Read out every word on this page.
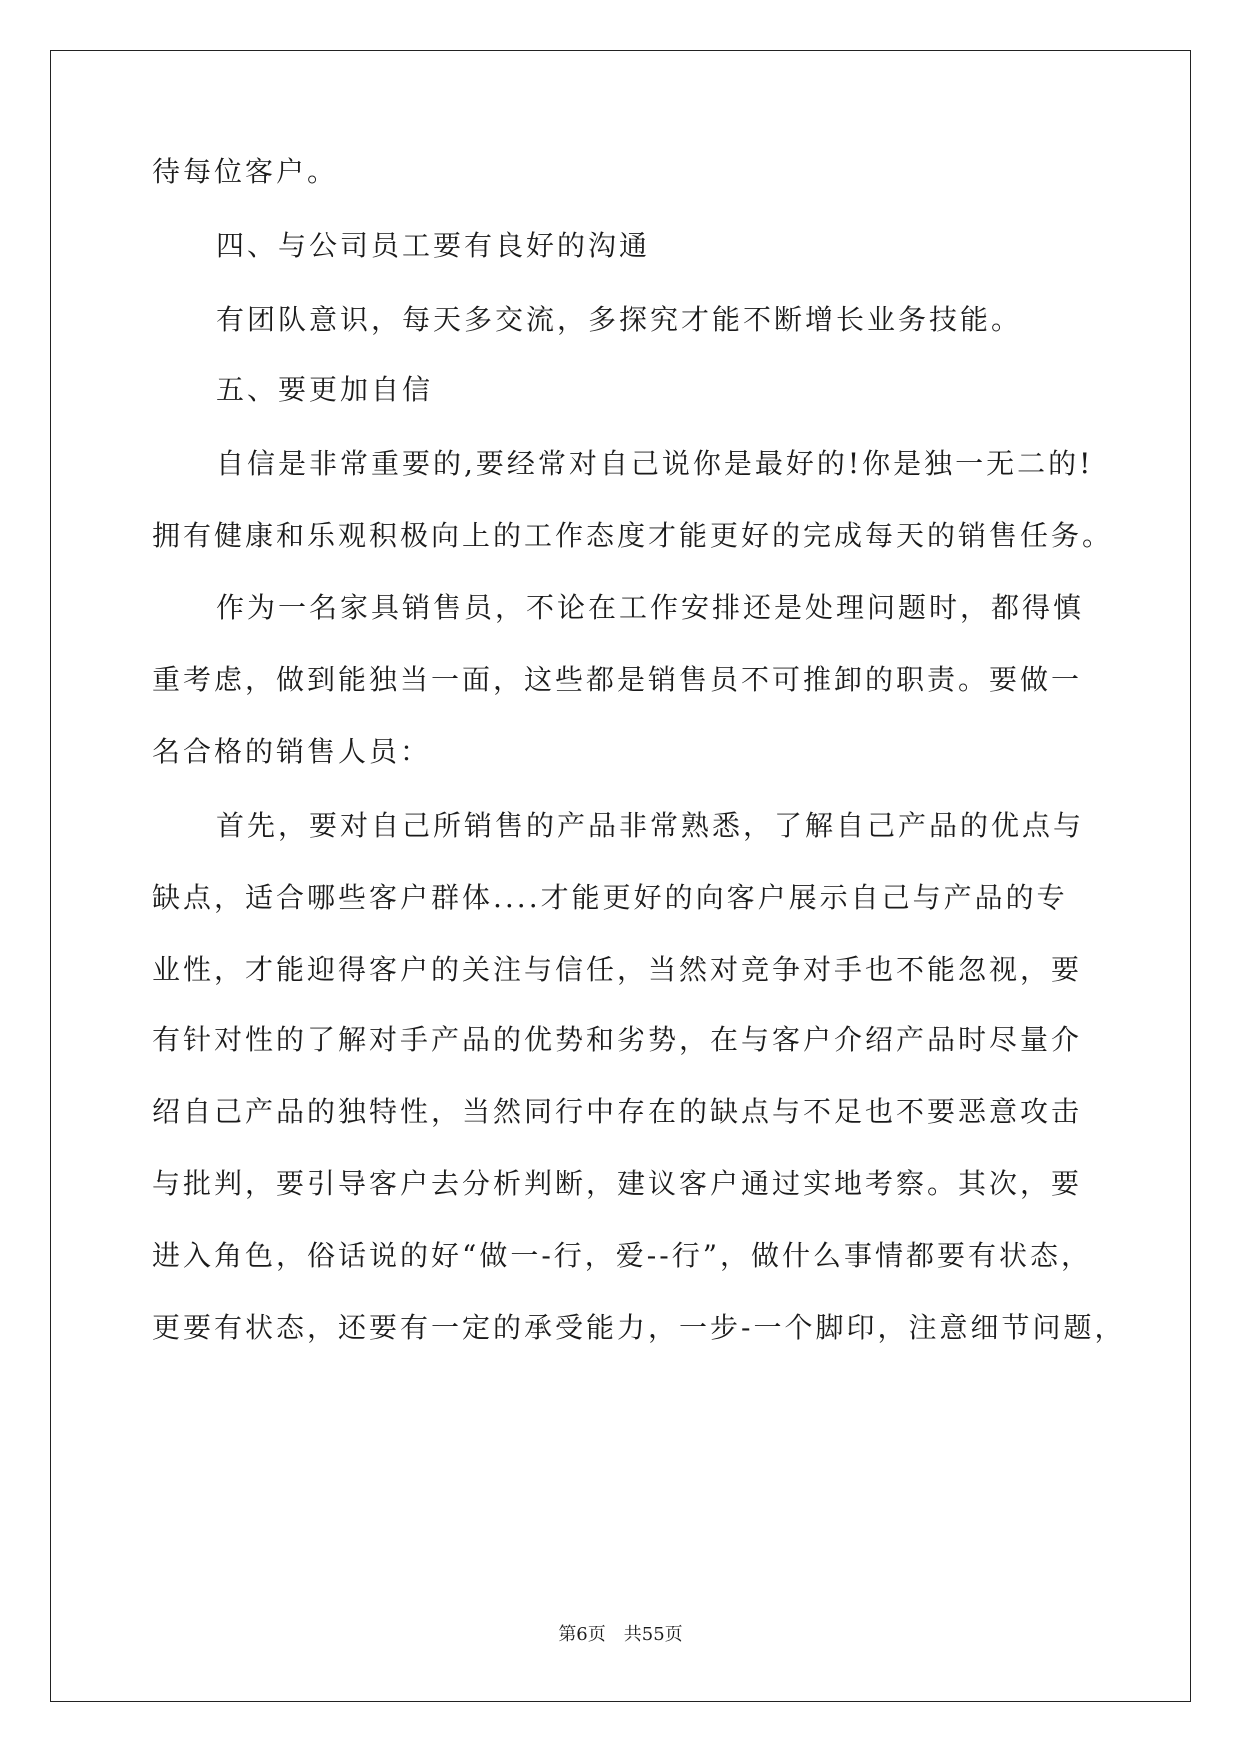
待每位客户。
四、与公司员工要有良好的沟通
有团队意识，每天多交流，多探究才能不断增长业务技能。
五、要更加自信
自信是非常重要的,要经常对自己说你是最好的!你是独一无二的!
拥有健康和乐观积极向上的工作态度才能更好的完成每天的销售任务。
作为一名家具销售员，不论在工作安排还是处理问题时，都得慎
重考虑，做到能独当一面，这些都是销售员不可推卸的职责。要做一
名合格的销售人员：
首先，要对自己所销售的产品非常熟悉，了解自己产品的优点与
缺点，适合哪些客户群体....才能更好的向客户展示自己与产品的专
业性，才能迎得客户的关注与信任，当然对竞争对手也不能忽视，要
有针对性的了解对手产品的优势和劣势，在与客户介绍产品时尽量介
绍自己产品的独特性，当然同行中存在的缺点与不足也不要恶意攻击
与批判，要引导客户去分析判断，建议客户通过实地考察。其次，要
进入角色，俗话说的好“做一-行，爱--行”，做什么事情都要有状态，
更要有状态，还要有一定的承受能力，一步-一个脚印，注意细节问题，
第6页 共55页
